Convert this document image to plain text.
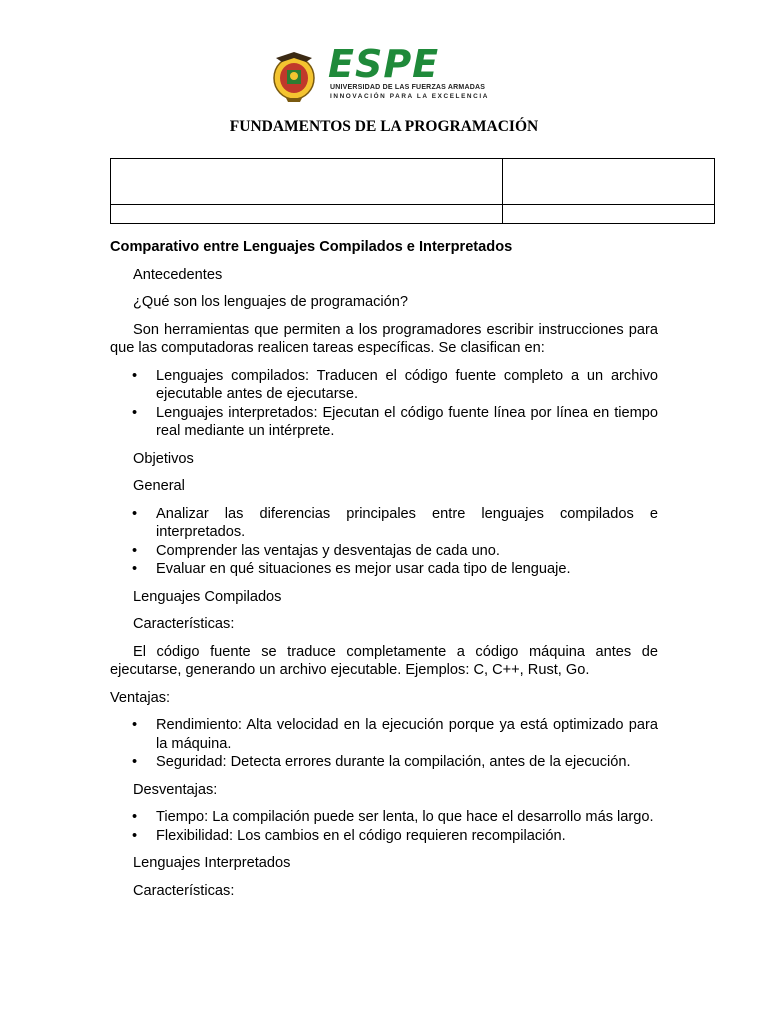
ESPE
UNIVERSIDAD DE LAS FUERZAS ARMADAS
INNOVACIÓN PARA LA EXCELENCIA
FUNDAMENTOS DE LA PROGRAMACIÓN

Comparativo entre Lenguajes Compilados e Interpretados

Antecedentes

¿Qué son los lenguajes de programación?

Son herramientas que permiten a los programadores escribir instrucciones para que las computadoras realicen tareas específicas. Se clasifican en:

• Lenguajes compilados: Traducen el código fuente completo a un archivo ejecutable antes de ejecutarse.
• Lenguajes interpretados: Ejecutan el código fuente línea por línea en tiempo real mediante un intérprete.

Objetivos

General

• Analizar las diferencias principales entre lenguajes compilados e interpretados.
• Comprender las ventajas y desventajas de cada uno.
• Evaluar en qué situaciones es mejor usar cada tipo de lenguaje.

Lenguajes Compilados

Características:

El código fuente se traduce completamente a código máquina antes de ejecutarse, generando un archivo ejecutable. Ejemplos: C, C++, Rust, Go.

Ventajas:

• Rendimiento: Alta velocidad en la ejecución porque ya está optimizado para la máquina.
• Seguridad: Detecta errores durante la compilación, antes de la ejecución.

Desventajas:

• Tiempo: La compilación puede ser lenta, lo que hace el desarrollo más largo.
• Flexibilidad: Los cambios en el código requieren recompilación.

Lenguajes Interpretados

Características:
